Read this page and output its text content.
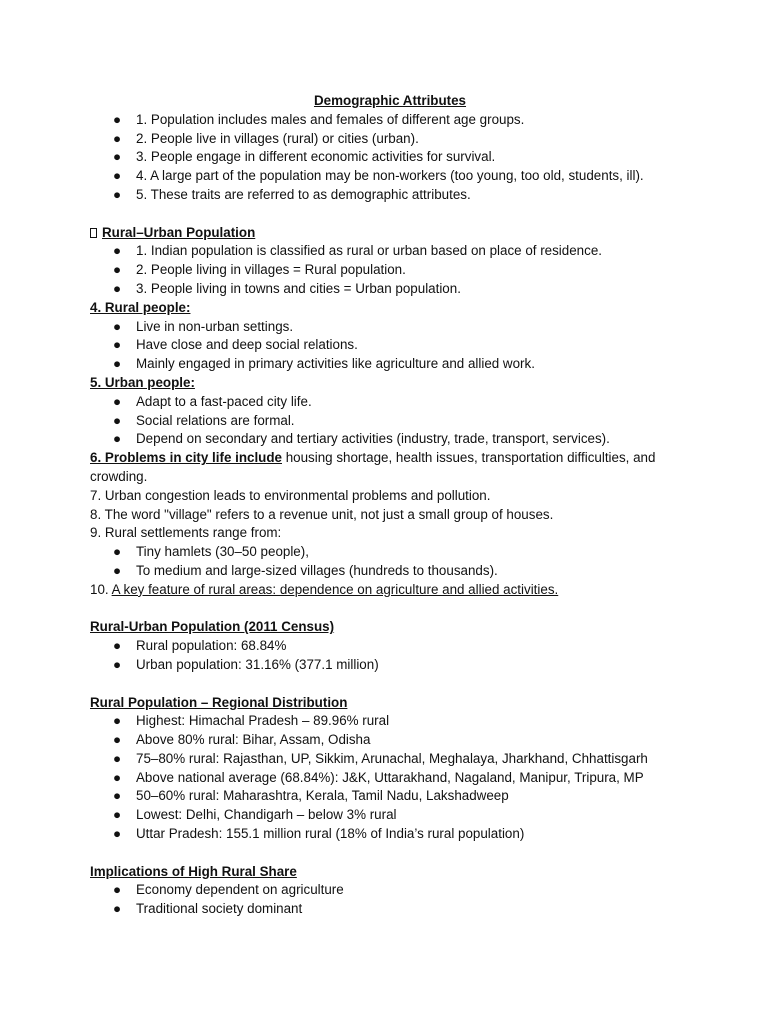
Demographic Attributes
● 1. Population includes males and females of different age groups.
● 2. People live in villages (rural) or cities (urban).
● 3. People engage in different economic activities for survival.
● 4. A large part of the population may be non-workers (too young, too old, students, ill).
● 5. These traits are referred to as demographic attributes.
Rural–Urban Population
● 1. Indian population is classified as rural or urban based on place of residence.
● 2. People living in villages = Rural population.
● 3. People living in towns and cities = Urban population.
4. Rural people:
● Live in non-urban settings.
● Have close and deep social relations.
● Mainly engaged in primary activities like agriculture and allied work.
5. Urban people:
● Adapt to a fast-paced city life.
● Social relations are formal.
● Depend on secondary and tertiary activities (industry, trade, transport, services).
6. Problems in city life include housing shortage, health issues, transportation difficulties, and crowding.
7. Urban congestion leads to environmental problems and pollution.
8. The word "village" refers to a revenue unit, not just a small group of houses.
9. Rural settlements range from:
● Tiny hamlets (30–50 people),
● To medium and large-sized villages (hundreds to thousands).
10. A key feature of rural areas: dependence on agriculture and allied activities.
Rural-Urban Population (2011 Census)
● Rural population: 68.84%
● Urban population: 31.16% (377.1 million)
Rural Population – Regional Distribution
● Highest: Himachal Pradesh – 89.96% rural
● Above 80% rural: Bihar, Assam, Odisha
● 75–80% rural: Rajasthan, UP, Sikkim, Arunachal, Meghalaya, Jharkhand, Chhattisgarh
● Above national average (68.84%): J&K, Uttarakhand, Nagaland, Manipur, Tripura, MP
● 50–60% rural: Maharashtra, Kerala, Tamil Nadu, Lakshadweep
● Lowest: Delhi, Chandigarh – below 3% rural
● Uttar Pradesh: 155.1 million rural (18% of India’s rural population)
Implications of High Rural Share
● Economy dependent on agriculture
● Traditional society dominant
